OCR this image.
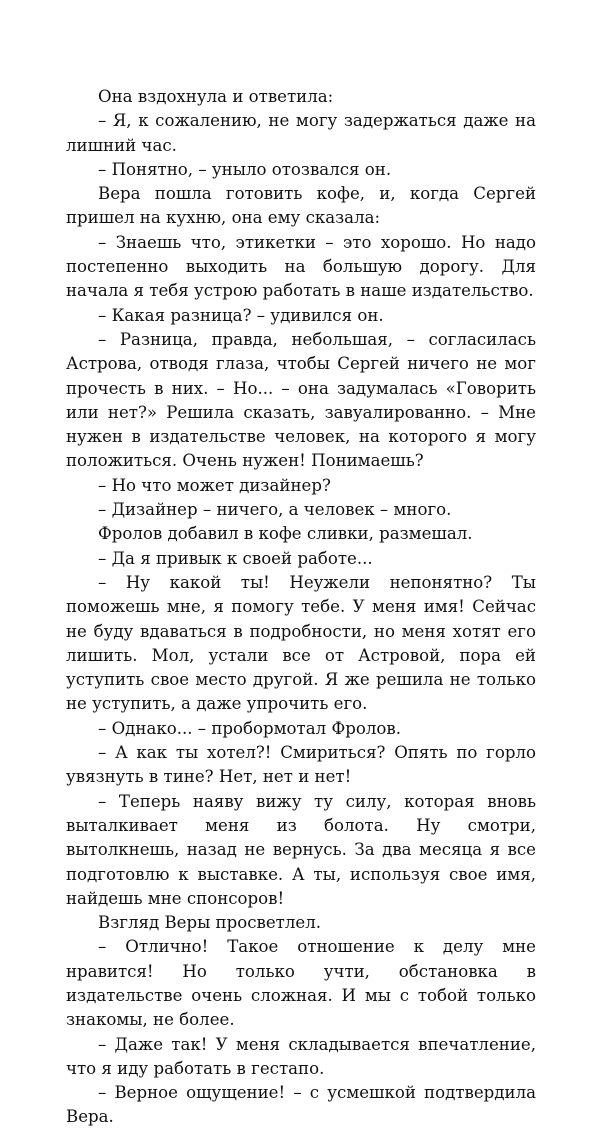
Она вздохнула и ответила:

– Я, к сожалению, не могу задержаться даже на лишний час.

– Понятно, – уныло отозвался он.

Вера пошла готовить кофе, и, когда Сергей пришел на кухню, она ему сказала:

– Знаешь что, этикетки – это хорошо. Но надо постепенно выходить на большую дорогу. Для начала я тебя устрою работать в наше издательство.

– Какая разница? – удивился он.

– Разница, правда, небольшая, – согласилась Астрова, отводя глаза, чтобы Сергей ничего не мог прочесть в них. – Но... – она задумалась «Говорить или нет?» Решила сказать, завуалированно. – Мне нужен в издательстве человек, на которого я могу положиться. Очень нужен! Понимаешь?

– Но что может дизайнер?

– Дизайнер – ничего, а человек – много.

Фролов добавил в кофе сливки, размешал.

– Да я привык к своей работе...

– Ну какой ты! Неужели непонятно? Ты поможешь мне, я помогу тебе. У меня имя! Сейчас не буду вдаваться в подробности, но меня хотят его лишить. Мол, устали все от Астровой, пора ей уступить свое место другой. Я же решила не только не уступить, а даже упрочить его.

– Однако... – пробормотал Фролов.

– А как ты хотел?! Смириться? Опять по горло увязнуть в тине? Нет, нет и нет!

– Теперь наяву вижу ту силу, которая вновь выталкивает меня из болота. Ну смотри, вытолкнешь, назад не вернусь. За два месяца я все подготовлю к выставке. А ты, используя свое имя, найдешь мне спонсоров!

Взгляд Веры просветлел.

– Отлично! Такое отношение к делу мне нравится! Но только учти, обстановка в издательстве очень сложная. И мы с тобой только знакомы, не более.

– Даже так! У меня складывается впечатление, что я иду работать в гестапо.

– Верное ощущение! – с усмешкой подтвердила Вера.
